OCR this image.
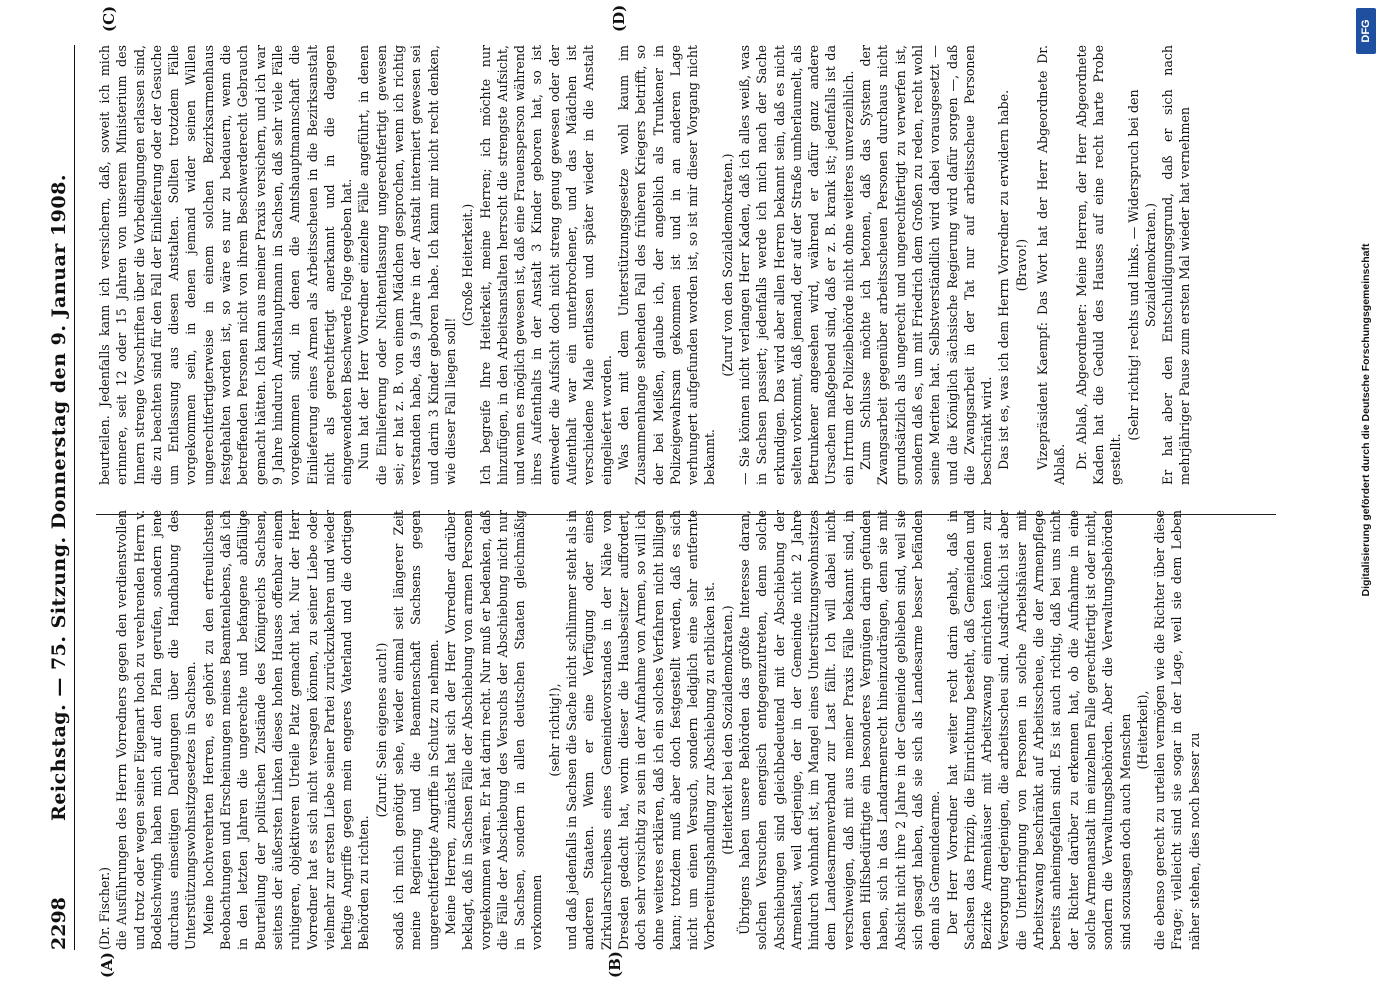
2298
Reichstag. — 75. Sitzung. Donnerstag den 9. Januar 1908.
(A)	(B)
(C)	(D)

(Dr. Fischer.) die Ausführungen des Herrn Vorredners gegen den verdienstvollen und trotz oder wegen seiner Eigenart hoch zu verehrenden Herrn v. Bodelschwingh haben mich auf den Plan gerufen, sondern jene durchaus einseitigen Darlegungen über die Handhabung des Unterstützungswohnsitzgesetzes in Sachsen. Meine hochverehrten Herren, es gehört zu den erfreulichsten Beobachtungen und Erscheinungen meines Beamtenlebens, daß ich in den letzten Jahren die ungerechte und befangene abfällige Beurteilung der politischen Zustände des Königreichs Sachsen, seitens der äußersten Linken dieses hohen Hauses offenbar einem ruhigeren, objektiveren Urteile Platz gemacht hat. Nur der Herr Vorredner hat es sich nicht versagen können, zu seiner Liebe oder vielmehr zur ersten Liebe seiner Partei zurückzukehren und wieder heftige Angriffe gegen mein engeres Vaterland und die dortigen Behörden zu richten.

(Zuruf: Sein eigenes auch!) sodaß ich mich genötigt sehe, wieder einmal seit längerer Zeit meine Regierung und die Beamtenschaft Sachsens gegen ungerechtfertigte Angriffe in Schutz zu nehmen. Meine Herren, zunächst hat sich der Herr Vorredner darüber beklagt, daß in Sachsen Fälle der Abschiebung von armen Personen vorgekommen wären. Er hat darin recht. Nur muß er bedenken, daß die Fälle der Abschiebung des Versuchs der Abschiebung nicht nur in Sachsen, sondern in allen deutschen Staaten gleichmäßig vorkommen

(sehr richtig!), und daß jedenfalls in Sachsen die Sache nicht schlimmer steht als in anderen Staaten. Wenn er eine Verfügung oder eines Zirkularschreibens eines Gemeindevorstandes in der Nähe von Dresden gedacht hat, worin dieser die Hausbesitzer auffordert, doch sehr vorsichtig zu sein in der Aufnahme von Armen, so will ich ohne weiteres erklären, daß ich ein solches Verfahren nicht billigen kann; trotzdem muß aber doch festgestellt werden, daß es sich nicht um einen Versuch, sondern lediglich eine sehr entfernte Vorbereitungshandlung zur Abschiebung zu erblicken ist. (Heiterkeit bei den Sozialdemokraten.) Übrigens haben unsere Behörden das größte Interesse daran, solchen Versuchen energisch entgegenzutreten, denn solche Abschiebungen sind gleichbedeutend mit der Abschiebung der Armenlast, weil derjenige, der in der Gemeinde nicht 2 Jahre hindurch wohnhaft ist, im Mangel eines Unterstützungswohnsitzes dem Landesarmenverband zur Last fällt. Ich will dabei nicht verschweigen, daß mit aus meiner Praxis Fälle bekannt sind, in denen Hilfsbedürftigte ein besonderes Vergnügen darin gefunden haben, sich in das Landarmenrecht hineinzudrängen, denn sie mit Absicht nicht ihre 2 Jahre in der Gemeinde geblieben sind, weil sie sich gesagt haben, daß sie sich als Landesarme besser befänden denn als Gemeindearme. Der Herr Vorredner hat weiter recht darin gehabt, daß in Sachsen das Prinzip, die Einrichtung besteht, daß Gemeinden und Bezirke Armenhäuser mit Arbeitszwang einrichten können zur Versorgung derjenigen, die arbeitsscheu sind. Ausdrücklich ist aber die Unterbringung von Personen in solche Arbeitshäuser mit Arbeitszwang beschränkt auf Arbeitsscheue, die der Armenpflege bereits anheimgefallen sind. Es ist auch richtig, daß bei uns nicht der Richter darüber zu erkennen hat, ob die Aufnahme in eine solche Armenanstalt im einzelnen Falle gerechtfertigt ist oder nicht, sondern die Verwaltungsbehörden. Aber die Verwaltungsbehörden sind sozusagen doch auch Menschen (Heiterkeit), die ebenso gerecht zu urteilen vermögen wie die Richter über diese Frage; vielleicht sind sie sogar in der Lage, weil sie dem Leben näher stehen, dies noch besser zu

beurteilen. Jedenfalls kann ich versichern, daß, soweit ich mich erinnere, seit 12 oder 15 Jahren von unserem Ministerium des Innern strenge Vorschriften über die Vorbedingungen erlassen sind, die zu beachten sind für den Fall der Einlieferung oder der Gesuche um Entlassung aus diesen Anstalten. Sollten trotzdem Fälle vorgekommen sein, in denen jemand wider seinen Willen ungerechtfertigterweise in einem solchen Bezirksarmenhaus festgehalten worden ist, so wäre es nur zu bedauern, wenn die betreffenden Personen nicht von ihrem Beschwerderecht Gebrauch gemacht hätten. Ich kann aus meiner Praxis versichern, und ich war 9 Jahre hindurch Amtshauptmann in Sachsen, daß sehr viele Fälle vorgekommen sind, in denen die Amtshauptmannschaft die Einlieferung eines Armen als Arbeitsscheuen in die Bezirksanstalt nicht als gerechtfertigt anerkannt und in die dagegen eingewendeten Beschwerde Folge gegeben hat. Nun hat der Herr Vorredner einzelne Fälle angeführt, in denen die Einlieferung oder Nichtentlassung ungerechtfertigt gewesen sei; er hat z. B. von einem Mädchen gesprochen, wenn ich richtig verstanden habe, das 9 Jahre in der Anstalt interniert gewesen sei und darin 3 Kinder geboren habe. Ich kann mir nicht recht denken, wie dieser Fall liegen soll!

(Große Heiterkeit.) Ich begreife Ihre Heiterkeit, meine Herren; ich möchte nur hinzufügen, in den Arbeitsanstalten herrscht die strengste Aufsicht, und wenn es möglich gewesen ist, daß eine Frauensperson während ihres Aufenthalts in der Anstalt 3 Kinder geboren hat, so ist entweder die Aufsicht doch nicht streng genug gewesen oder der Aufenthalt war ein unterbrochener, und das Mädchen ist verschiedene Male entlassen und später wieder in die Anstalt eingeliefert worden. Was den mit dem Unterstützungsgesetze wohl kaum im Zusammenhange stehenden Fall des früheren Kriegers betrifft, so der bei Meißen, glaube ich, der angeblich als Trunkener in Polizeigewahrsam gekommen ist und in an anderen Lage verhungert aufgefunden worden ist, so ist mir dieser Vorgang nicht bekannt.

(Zuruf von den Sozialdemokraten.) — Sie können nicht verlangen Herr Kaden, daß ich alles weiß, was in Sachsen passiert; jedenfalls werde ich mich nach der Sache erkundigen. Das wird aber allen Herren bekannt sein, daß es nicht selten vorkommt, daß jemand, der auf der Straße umherlaumelt, als Betrunkener angesehen wird, während er dafür ganz andere Ursachen maßgebend sind, daß er z. B. krank ist; jedenfalls ist da ein Irrtum der Polizeibehörde nicht ohne weiteres unverzeihlich. Zum Schlusse möchte ich betonen, daß das System der Zwangsarbeit gegenüber arbeitsscheuen Personen durchaus nicht grundsätzlich als ungerecht und ungerechtfertigt zu verwerfen ist, sondern daß es, um mit Friedrich dem Großen zu reden, recht wohl seine Meriten hat. Selbstverständlich wird dabei vorausgesetzt — und die Königlich sächsische Regierung wird dafür sorgen —, daß die Zwangsarbeit in der Tat nur auf arbeitsscheue Personen beschränkt wird. Das ist es, was ich dem Herrn Vorredner zu erwidern habe. (Bravo!) Vizepräsident Kaempf: Das Wort hat der Herr Abgeordnete Dr. Ablaß. Dr. Ablaß, Abgeordneter: Meine Herren, der Herr Abgeordnete Kaden hat die Geduld des Hauses auf eine recht harte Probe gestellt.

(Sehr richtig! rechts und links. — Widerspruch bei den Sozialdemokraten.) Er hat aber den Entschuldigungsgrund, daß er sich nach mehrjähriger Pause zum ersten Mal wieder hat vernehmen

DFG
Digitalisierung gefördert durch die Deutsche Forschungsgemeinschaft
